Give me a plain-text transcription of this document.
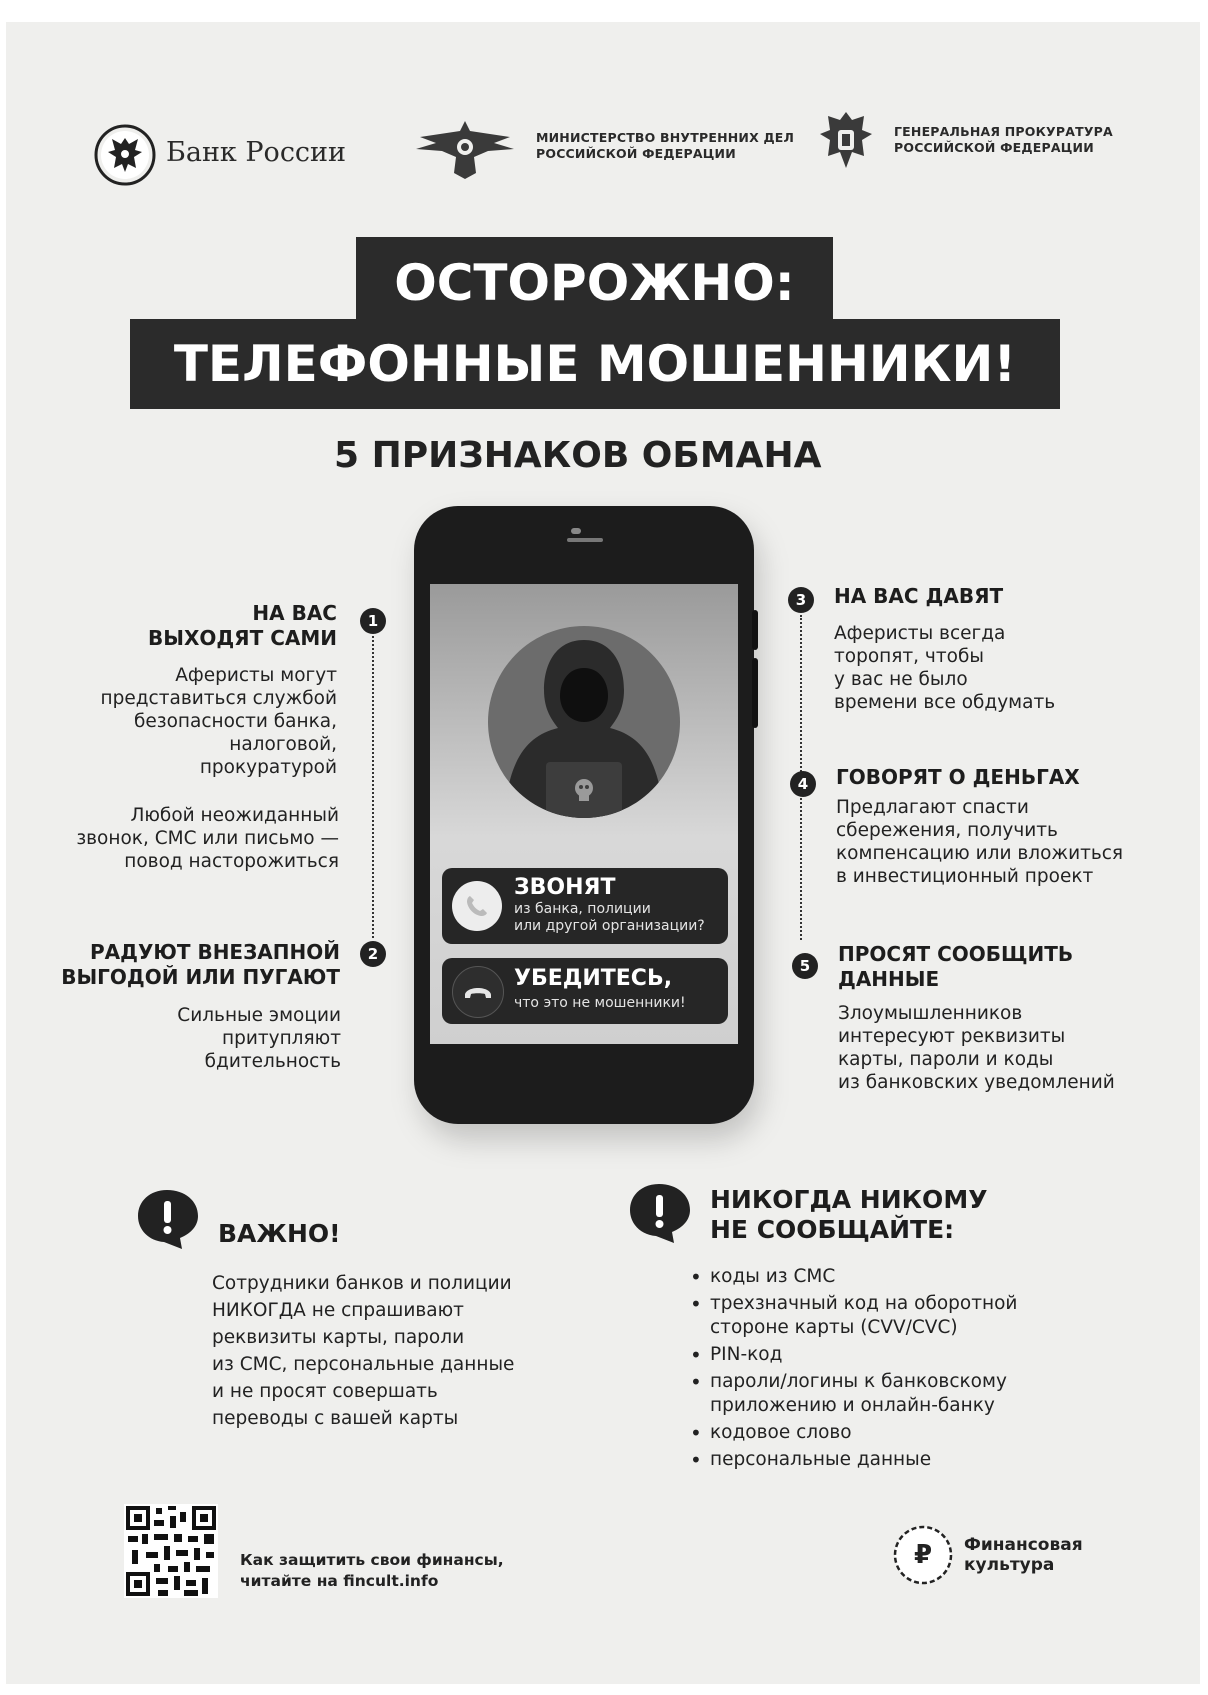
Банк России	МИНИСТЕРСТВО ВНУТРЕННИХ ДЕЛ
РОССИЙСКОЙ ФЕДЕРАЦИИ
ГЕНЕРАЛЬНАЯ ПРОКУРАТУРА
РОССИЙСКОЙ ФЕДЕРАЦИИ
ОСТОРОЖНО:
ТЕЛЕФОННЫЕ МОШЕННИКИ!
5 ПРИЗНАКОВ ОБМАНА
ЗВОНЯТ
из банка, полиции
или другой организации?
УБЕДИТЕСЬ,
что это не мошенники!
НА ВАС
ВЫХОДЯТ САМИ
1
Аферисты могут
представиться службой
безопасности банка,
налоговой,
прокуратурой
Любой неожиданный
звонок, СМС или письмо —
повод насторожиться
РАДУЮТ ВНЕЗАПНОЙ
ВЫГОДОЙ ИЛИ ПУГАЮТ
2
Сильные эмоции
притупляют
бдительность
3	НА ВАС ДАВЯТ
Аферисты всегда
торопят, чтобы
у вас не было
времени все обдумать
4	ГОВОРЯТ О ДЕНЬГАХ
Предлагают спасти
сбережения, получить
компенсацию или вложиться
в инвестиционный проект
5	ПРОСЯТ СООБЩИТЬ
ДАННЫЕ
Злоумышленников
интересуют реквизиты
карты, пароли и коды
из банковских уведомлений
ВАЖНО!
Сотрудники банков и полиции
НИКОГДА не спрашивают
реквизиты карты, пароли
из СМС, персональные данные
и не просят совершать
переводы с вашей карты
НИКОГДА НИКОМУ
НЕ СООБЩАЙТЕ:
• коды из СМС
• трехзначный код на оборотной
стороне карты (CVV/CVC)
• PIN-код
• пароли/логины к банковскому
приложению и онлайн-банку
• кодовое слово
• персональные данные
Как защитить свои финансы,
читайте на fincult.info
₽	Финансовая
культура
